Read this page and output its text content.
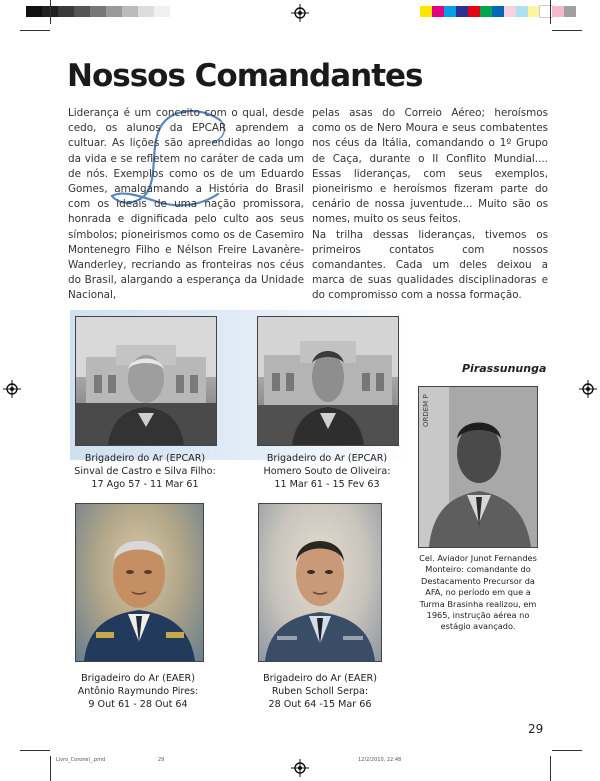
Nossos Comandantes

Liderança é um conceito com o qual, desde cedo, os alunos da EPCAR aprendem a cultuar. As lições são apreendidas ao longo da vida e se refletem no caráter de cada um de nós. Exemplos como os de um Eduardo Gomes, amalgamando a História do Brasil com os ideais de uma nação promissora, honrada e dignificada pelo culto aos seus símbolos; pioneirismos como os de Casemiro Montenegro Filho e Nélson Freire Lavanère-Wanderley, recriando as fronteiras nos céus do Brasil, alargando a esperança da Unidade Nacional,

pelas asas do Correio Aéreo; heroísmos como os de Nero Moura e seus combatentes nos céus da Itália, comandando o 1º Grupo de Caça, durante o II Conflito Mundial.... Essas lideranças, com seus exemplos, pioneirismo e heroísmos fizeram parte do cenário de nossa juventude... Muito são os nomes, muito os seus feitos.

Na trilha dessas lideranças, tivemos os primeiros contatos com nossos comandantes. Cada um deles deixou a marca de suas qualidades disciplinadoras e do compromisso com a nossa formação.

Brigadeiro do Ar (EPCAR)
Sinval de Castro e Silva Filho:
17 Ago 57 - 11 Mar 61
Brigadeiro do Ar (EPCAR)
Homero Souto de Oliveira:
11 Mar 61 - 15 Fev 63
Brigadeiro do Ar (EAER)
Antônio Raymundo Pires:
9 Out 61 - 28 Out 64
Brigadeiro do Ar (EAER)
Ruben Scholl Serpa:
28 Out 64 -15 Mar 66
Pirassununga
ORDEM P
Cel. Aviador Junot Fernandes
Monteiro: comandante do
Destacamento Precursor da
AFA, no período em que a
Turma Brasinha realizou, em
1965, instrução aérea no
estágio avançado.
29
Livro_Coronel_.pmd	29	12/2/2010, 22:48
